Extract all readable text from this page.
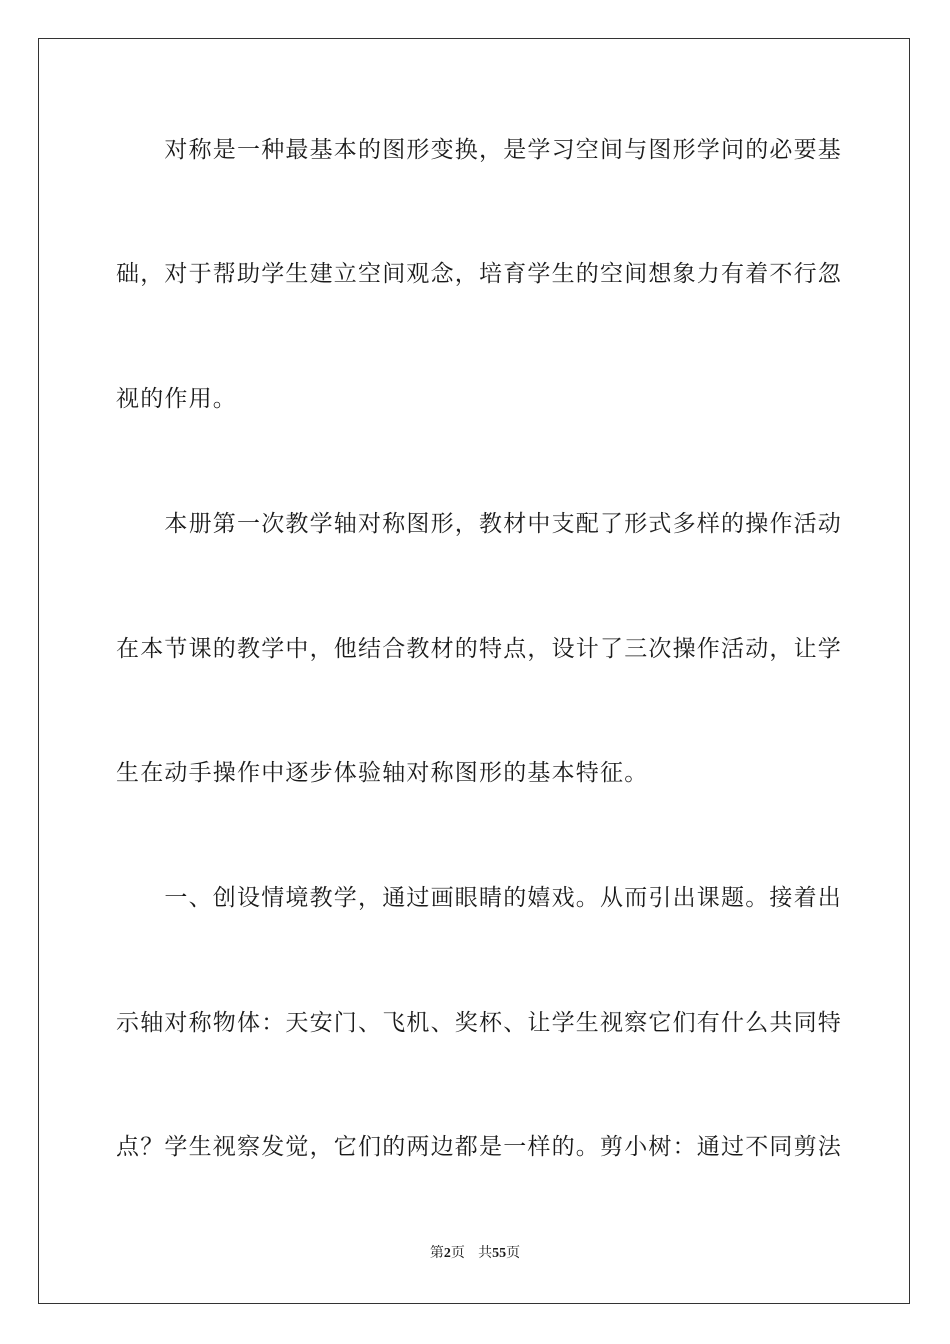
　　对称是一种最基本的图形变换，是学习空间与图形学问的必要基
础，对于帮助学生建立空间观念，培育学生的空间想象力有着不行忽
视的作用。
　　本册第一次教学轴对称图形，教材中支配了形式多样的操作活动
在本节课的教学中，他结合教材的特点，设计了三次操作活动，让学
生在动手操作中逐步体验轴对称图形的基本特征。
　　一、创设情境教学，通过画眼睛的嬉戏。从而引出课题。接着出
示轴对称物体：天安门、飞机、奖杯、让学生视察它们有什么共同特
点？学生视察发觉，它们的两边都是一样的。剪小树：通过不同剪法
第2页 共55页
